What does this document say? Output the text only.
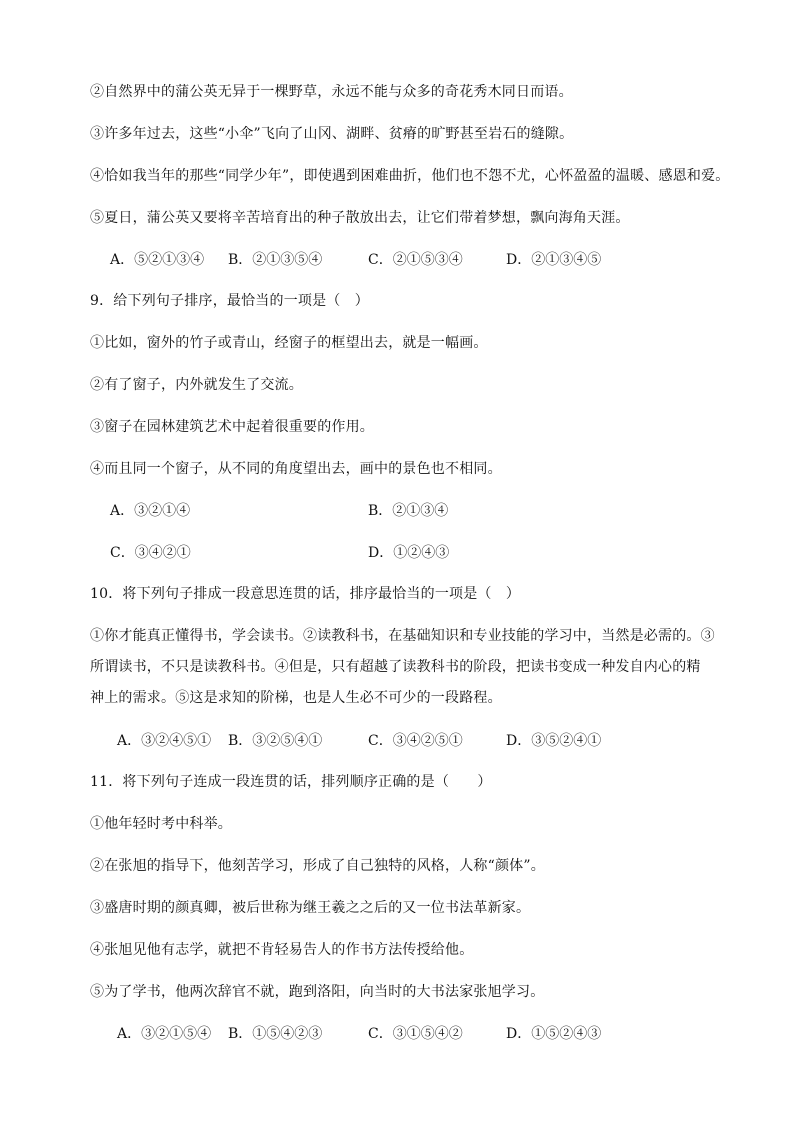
②自然界中的蒲公英无异于一棵野草，永远不能与众多的奇花秀木同日而语。
③许多年过去，这些“小伞”飞向了山冈、湖畔、贫瘠的旷野甚至岩石的缝隙。
④恰如我当年的那些“同学少年”，即使遇到困难曲折，他们也不怨不尤，心怀盈盈的温暖、感恩和爱。
⑤夏日，蒲公英又要将辛苦培育出的种子散放出去，让它们带着梦想，飘向海角天涯。
A．⑤②①③④ B．②①③⑤④	C．②①⑤③④	D．②①③④⑤
9．给下列句子排序，最恰当的一项是（　）
①比如，窗外的竹子或青山，经窗子的框望出去，就是一幅画。
②有了窗子，内外就发生了交流。
③窗子在园林建筑艺术中起着很重要的作用。
④而且同一个窗子，从不同的角度望出去，画中的景色也不相同。
A．③②①④	B．②①③④
C．③④②①	D．①②④③
10．将下列句子排成一段意思连贯的话，排序最恰当的一项是（　）
①你才能真正懂得书，学会读书。②读教科书，在基础知识和专业技能的学习中，当然是必需的。③
所谓读书，不只是读教科书。④但是，只有超越了读教科书的阶段，把读书变成一种发自内心的精
神上的需求。⑤这是求知的阶梯，也是人生必不可少的一段路程。
A．③②④⑤① B．③②⑤④①	C．③④②⑤①	D．③⑤②④①
11．将下列句子连成一段连贯的话，排列顺序正确的是（　　）
①他年轻时考中科举。
②在张旭的指导下，他刻苦学习，形成了自己独特的风格，人称“颜体”。
③盛唐时期的颜真卿，被后世称为继王羲之之后的又一位书法革新家。
④张旭见他有志学，就把不肯轻易告人的作书方法传授给他。
⑤为了学书，他两次辞官不就，跑到洛阳，向当时的大书法家张旭学习。
A．③②①⑤④ B．①⑤④②③	C．③①⑤④②	D．①⑤②④③
